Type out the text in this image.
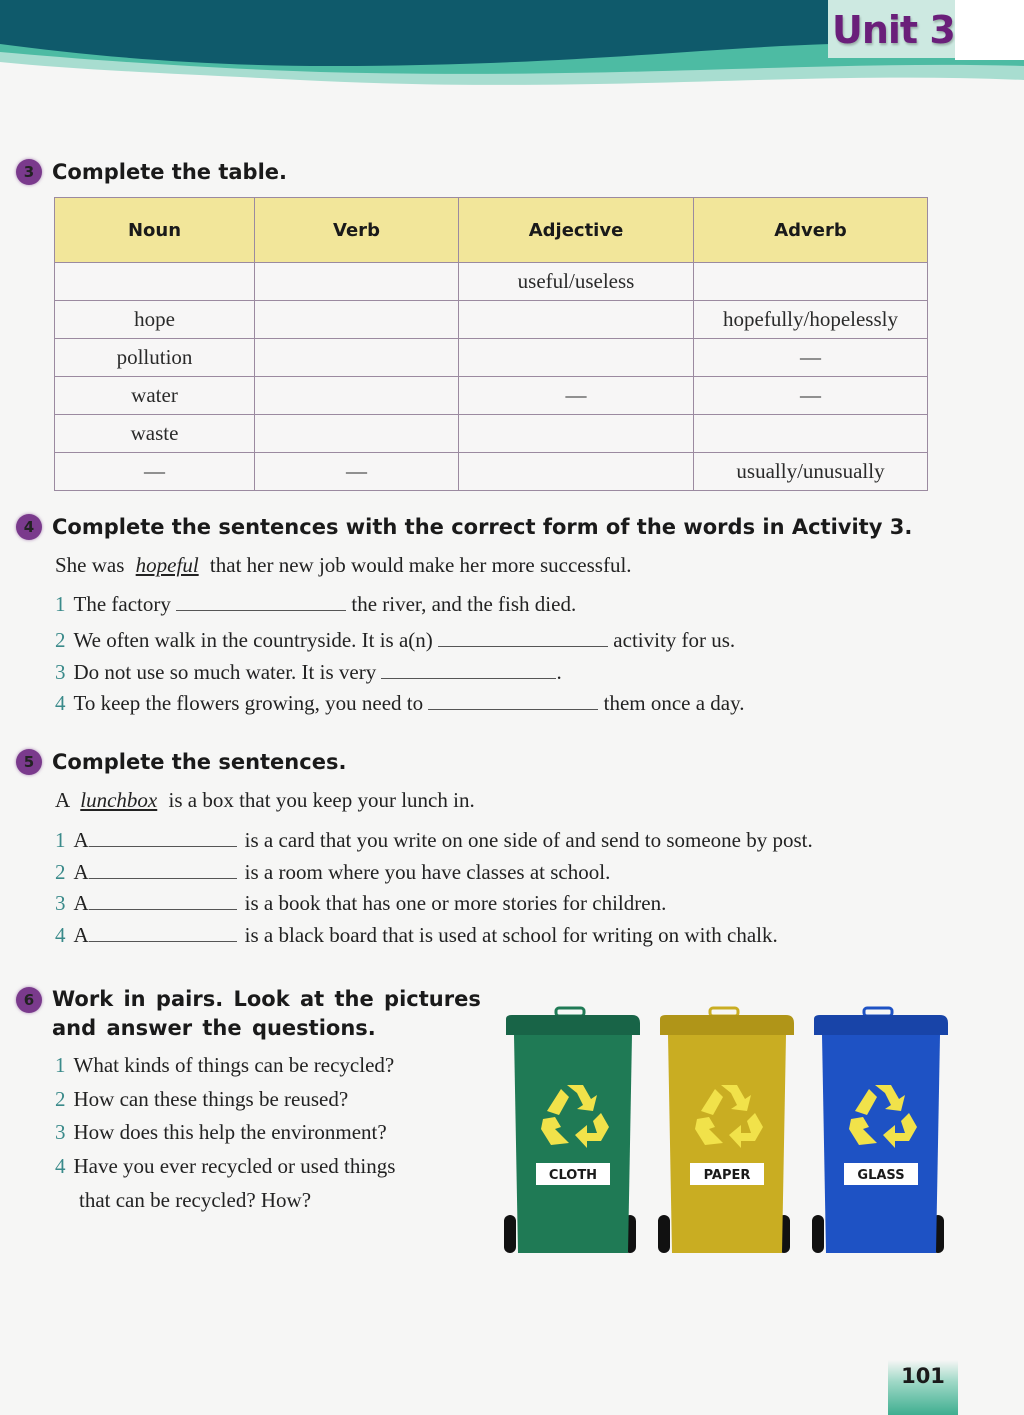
Unit 3
3 Complete the table.
Noun	Verb	Adjective	Adverb
		useful/useless	
hope			hopefully/hopelessly
pollution			—
water		—	—
waste			
—	—		usually/unusually
4 Complete the sentences with the correct form of the words in Activity 3.
She was hopeful that her new job would make her more successful.
1 The factory	the river, and the fish died.
2 We often walk in the countryside. It is a(n)	activity for us.
3 Do not use so much water. It is very	.
4 To keep the flowers growing, you need to	them once a day.
5 Complete the sentences.
A lunchbox is a box that you keep your lunch in.
1 A	is a card that you write on one side of and send to someone by post.
2 A	is a room where you have classes at school.
3 A	is a book that has one or more stories for children.
4 A	is a black board that is used at school for writing on with chalk.
6 Work in pairs. Look at the pictures
and answer the questions.
1 What kinds of things can be recycled?
2 How can these things be reused?
3 How does this help the environment?
4 Have you ever recycled or used things
that can be recycled? How?
CLOTH	PAPER	GLASS
101
